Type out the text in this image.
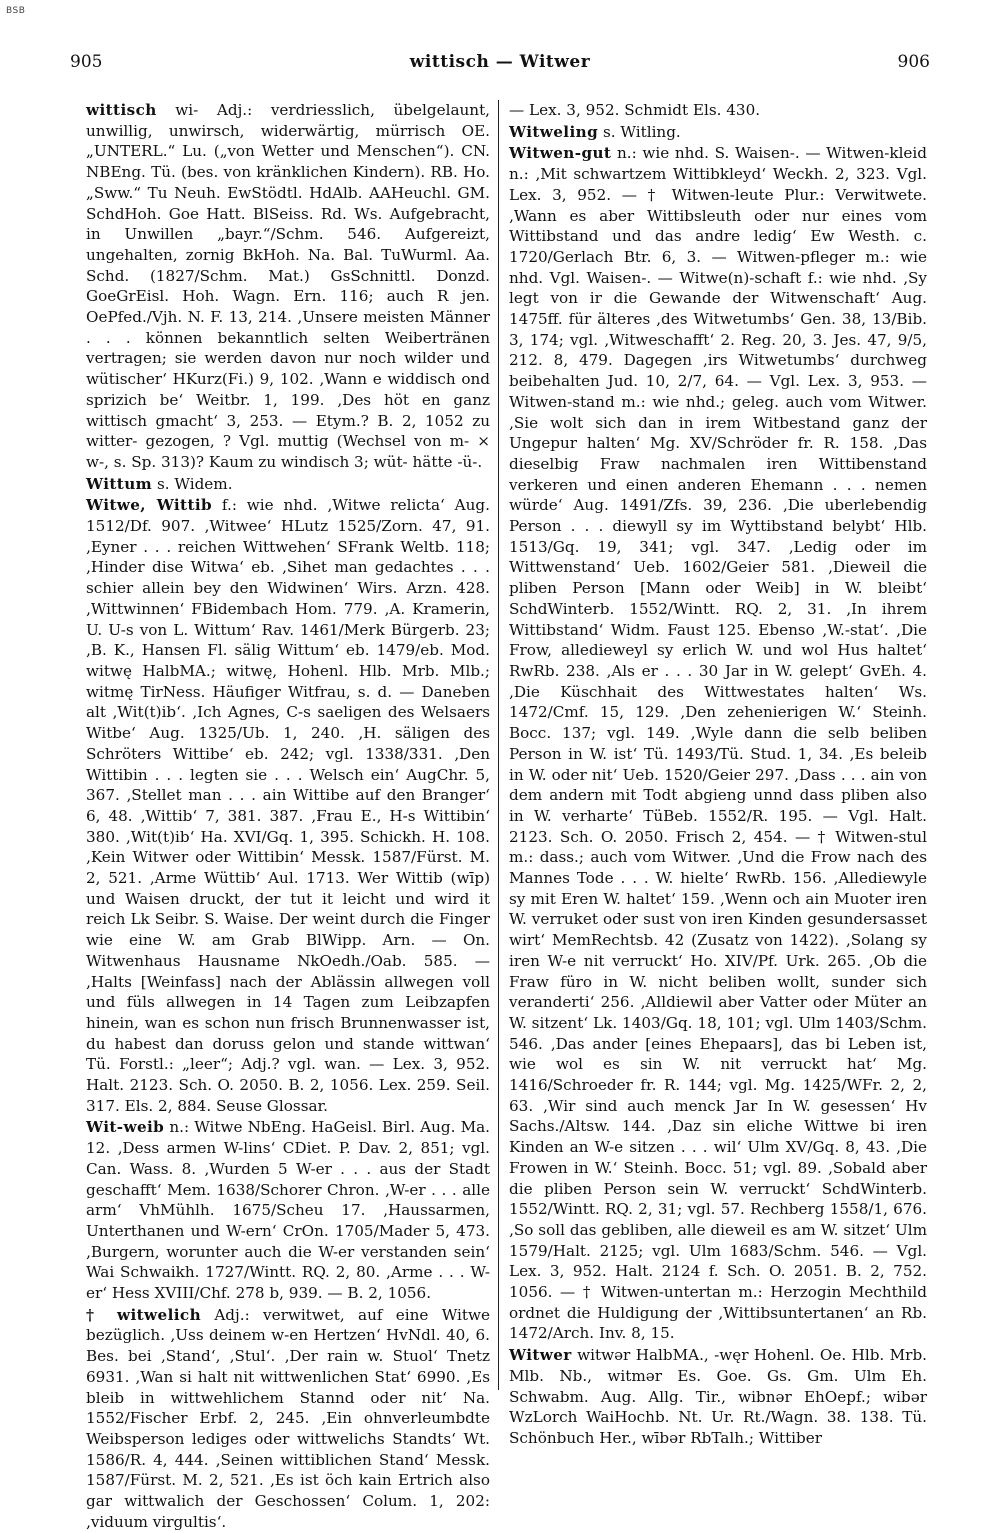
BSB
905	wittisch — Witwer	906

wittisch wi- Adj.: verdriesslich, übelgelaunt, unwillig, unwirsch, widerwärtig, mürrisch OE. „UNTERL.“ Lu. („von Wetter und Menschen“). CN. NBEng. Tü. (bes. von kränklichen Kindern). RB. Ho. „Sww.“ Tu Neuh. EwStödtl. HdAlb. AAHeuchl. GM. SchdHoh. Goe Hatt. BlSeiss. Rd. Ws. Aufgebracht, in Unwillen „bayr.“/Schm. 546. Aufgereizt, ungehalten, zornig BkHoh. Na. Bal. TuWurml. Aa. Schd. (1827/Schm. Mat.) GsSchnittl. Donzd. GoeGrEisl. Hoh. Wagn. Ern. 116; auch R jen. OePfed./Vjh. N. F. 13, 214. ‚Unsere meisten Männer . . . können bekanntlich selten Weibertränen vertragen; sie werden davon nur noch wilder und wütischer‘ HKurz(Fi.) 9, 102. ‚Wann e widdisch ond sprizich be‘ Weitbr. 1, 199. ‚Des höt en ganz wittisch gmacht‘ 3, 253. — Etym.? B. 2, 1052 zu witter- gezogen, ? Vgl. muttig (Wechsel von m- × w-, s. Sp. 313)? Kaum zu windisch 3; wüt- hätte -ü-.

Wittum s. Widem.

Witwe, Wittib f.: wie nhd. ‚Witwe relicta‘ Aug. 1512/Df. 907. ‚Witwee‘ HLutz 1525/Zorn. 47, 91. ‚Eyner . . . reichen Wittwehen‘ SFrank Weltb. 118; ‚Hinder dise Witwa‘ eb. ‚Sihet man gedachtes . . . schier allein bey den Widwinen‘ Wirs. Arzn. 428. ‚Wittwinnen‘ FBidembach Hom. 779. ‚A. Kramerin, U. U-s von L. Wittum‘ Rav. 1461/Merk Bürgerb. 23; ‚B. K., Hansen Fl. sälig Wittum‘ eb. 1479/eb. Mod. witwę HalbMA.; witwę, Hohenl. Hlb. Mrb. Mlb.; witmę TirNess. Häufiger Witfrau, s. d. — Daneben alt ‚Wit(t)ib‘. ‚Ich Agnes, C-s saeligen des Welsaers Witbe‘ Aug. 1325/Ub. 1, 240. ‚H. säligen des Schröters Wittibe‘ eb. 242; vgl. 1338/331. ‚Den Wittibin . . . legten sie . . . Welsch ein‘ AugChr. 5, 367. ‚Stellet man . . . ain Wittibe auf den Branger‘ 6, 48. ‚Wittib‘ 7, 381. 387. ‚Frau E., H-s Wittibin‘ 380. ‚Wit(t)ib‘ Ha. XVI/Gq. 1, 395. Schickh. H. 108. ‚Kein Witwer oder Wittibin‘ Messk. 1587/Fürst. M. 2, 521. ‚Arme Wüttib‘ Aul. 1713. Wer Wittib (wīp) und Waisen druckt, der tut it leicht und wird it reich Lk Seibr. S. Waise. Der weint durch die Finger wie eine W. am Grab BlWipp. Arn. — On. Witwenhaus Hausname NkOedh./Oab. 585. — ‚Halts [Weinfass] nach der Ablässin allwegen voll und füls allwegen in 14 Tagen zum Leibzapfen hinein, wan es schon nun frisch Brunnenwasser ist, du habest dan doruss gelon und stande wittwan‘ Tü. Forstl.: „leer“; Adj.? vgl. wan. — Lex. 3, 952. Halt. 2123. Sch. O. 2050. B. 2, 1056. Lex. 259. Seil. 317. Els. 2, 884. Seuse Glossar.

Wit-weib n.: Witwe NbEng. HaGeisl. Birl. Aug. Ma. 12. ‚Dess armen W-lins‘ CDiet. P. Dav. 2, 851; vgl. Can. Wass. 8. ‚Wurden 5 W-er . . . aus der Stadt geschafft‘ Mem. 1638/Schorer Chron. ‚W-er . . . alle arm‘ VhMühlh. 1675/Scheu 17. ‚Haussarmen, Unterthanen und W-ern‘ CrOn. 1705/Mader 5, 473. ‚Burgern, worunter auch die W-er verstanden sein‘ Wai Schwaikh. 1727/Wintt. RQ. 2, 80. ‚Arme . . . W-er‘ Hess XVIII/Chf. 278 b, 939. — B. 2, 1056.

† witwelich Adj.: verwitwet, auf eine Witwe bezüglich. ‚Uss deinem w-en Hertzen‘ HvNdl. 40, 6. Bes. bei ‚Stand‘, ‚Stul‘. ‚Der rain w. Stuol‘ Tnetz 6931. ‚Wan si halt nit wittwenlichen Stat‘ 6990. ‚Es bleib in wittwehlichem Stannd oder nit‘ Na. 1552/Fischer Erbf. 2, 245. ‚Ein ohnverleumbdte Weibsperson lediges oder wittwelichs Standts‘ Wt. 1586/R. 4, 444. ‚Seinen wittiblichen Stand‘ Messk. 1587/Fürst. M. 2, 521. ‚Es ist öch kain Ertrich also gar wittwalich der Geschossen‘ Colum. 1, 202: ‚viduum virgultis‘.

— Lex. 3, 952. Schmidt Els. 430.

Witweling s. Witling.

Witwen-gut n.: wie nhd. S. Waisen-. — Witwen-kleid n.: ‚Mit schwartzem Wittibkleyd‘ Weckh. 2, 323. Vgl. Lex. 3, 952. — † Witwen-leute Plur.: Verwitwete. ‚Wann es aber Wittibsleuth oder nur eines vom Wittibstand und das andre ledig‘ Ew Westh. c. 1720/Gerlach Btr. 6, 3. — Witwen-pfleger m.: wie nhd. Vgl. Waisen-. — Witwe(n)-schaft f.: wie nhd. ‚Sy legt von ir die Gewande der Witwenschaft‘ Aug. 1475ff. für älteres ‚des Witwetumbs‘ Gen. 38, 13/Bib. 3, 174; vgl. ‚Witweschafft‘ 2. Reg. 20, 3. Jes. 47, 9/5, 212. 8, 479. Dagegen ‚irs Witwetumbs‘ durchweg beibehalten Jud. 10, 2/7, 64. — Vgl. Lex. 3, 953. — Witwen-stand m.: wie nhd.; geleg. auch vom Witwer. ‚Sie wolt sich dan in irem Witbestand ganz der Ungepur halten‘ Mg. XV/Schröder fr. R. 158. ‚Das dieselbig Fraw nachmalen iren Wittibenstand verkeren und einen anderen Ehemann . . . nemen würde‘ Aug. 1491/Zfs. 39, 236. ‚Die uberlebendig Person . . . diewyll sy im Wyttibstand belybt‘ Hlb. 1513/Gq. 19, 341; vgl. 347. ‚Ledig oder im Wittwenstand‘ Ueb. 1602/Geier 581. ‚Dieweil die pliben Person [Mann oder Weib] in W. bleibt‘ SchdWinterb. 1552/Wintt. RQ. 2, 31. ‚In ihrem Wittibstand‘ Widm. Faust 125. Ebenso ‚W.-stat‘. ‚Die Frow, alledieweyl sy erlich W. und wol Hus haltet‘ RwRb. 238. ‚Als er . . . 30 Jar in W. gelept‘ GvEh. 4. ‚Die Küschhait des Wittwestates halten‘ Ws. 1472/Cmf. 15, 129. ‚Den zehenierigen W.‘ Steinh. Bocc. 137; vgl. 149. ‚Wyle dann die selb beliben Person in W. ist‘ Tü. 1493/Tü. Stud. 1, 34. ‚Es beleib in W. oder nit‘ Ueb. 1520/Geier 297. ‚Dass . . . ain von dem andern mit Todt abgieng unnd dass pliben also in W. verharte‘ TüBeb. 1552/R. 195. — Vgl. Halt. 2123. Sch. O. 2050. Frisch 2, 454. — † Witwen-stul m.: dass.; auch vom Witwer. ‚Und die Frow nach des Mannes Tode . . . W. hielte‘ RwRb. 156. ‚Allediewyle sy mit Eren W. haltet‘ 159. ‚Wenn och ain Muoter iren W. verruket oder sust von iren Kinden gesundersasset wirt‘ MemRechtsb. 42 (Zusatz von 1422). ‚Solang sy iren W-e nit verruckt‘ Ho. XIV/Pf. Urk. 265. ‚Ob die Fraw füro in W. nicht beliben wollt, sunder sich veranderti‘ 256. ‚Alldiewil aber Vatter oder Müter an W. sitzent‘ Lk. 1403/Gq. 18, 101; vgl. Ulm 1403/Schm. 546. ‚Das ander [eines Ehepaars], das bi Leben ist, wie wol es sin W. nit verruckt hat‘ Mg. 1416/Schroeder fr. R. 144; vgl. Mg. 1425/WFr. 2, 2, 63. ‚Wir sind auch menck Jar In W. gesessen‘ Hv Sachs./Altsw. 144. ‚Daz sin eliche Wittwe bi iren Kinden an W-e sitzen . . . wil‘ Ulm XV/Gq. 8, 43. ‚Die Frowen in W.‘ Steinh. Bocc. 51; vgl. 89. ‚Sobald aber die pliben Person sein W. verruckt‘ SchdWinterb. 1552/Wintt. RQ. 2, 31; vgl. 57. Rechberg 1558/1, 676. ‚So soll das gebliben, alle dieweil es am W. sitzet‘ Ulm 1579/Halt. 2125; vgl. Ulm 1683/Schm. 546. — Vgl. Lex. 3, 952. Halt. 2124 f. Sch. O. 2051. B. 2, 752. 1056. — † Witwen-untertan m.: Herzogin Mechthild ordnet die Huldigung der ‚Wittibsuntertanen‘ an Rb. 1472/Arch. Inv. 8, 15.

Witwer witwər HalbMA., -węr Hohenl. Oe. Hlb. Mrb. Mlb. Nb., witmər Es. Goe. Gs. Gm. Ulm Eh. Schwabm. Aug. Allg. Tir., wibnər EhOepf.; wibər WzLorch WaiHochb. Nt. Ur. Rt./Wagn. 38. 138. Tü. Schönbuch Her., wībər RbTalh.; Wittiber
